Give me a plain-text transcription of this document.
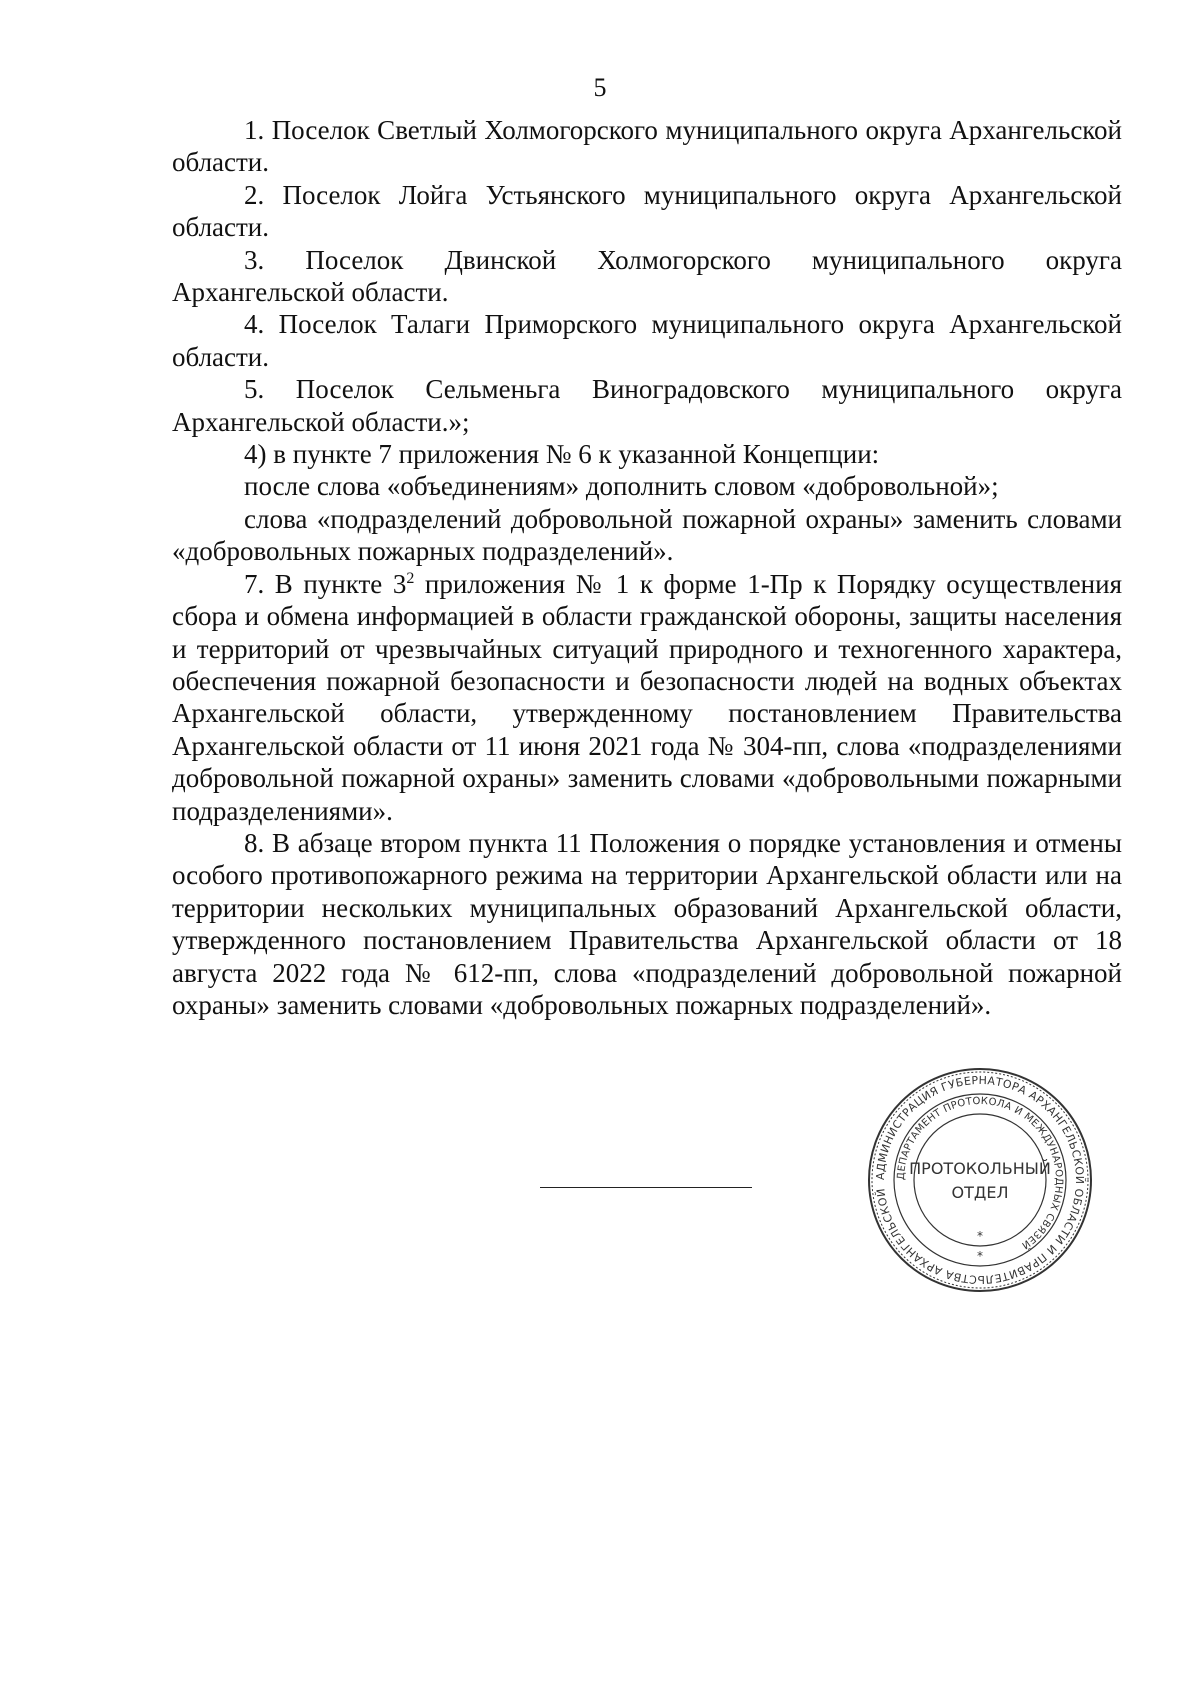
5

1. Поселок Светлый Холмогорского муниципального округа Архангельской области.

2. Поселок Лойга Устьянского муниципального округа Архангельской области.

3. Поселок Двинской Холмогорского муниципального округа Архангельской области.

4. Поселок Талаги Приморского муниципального округа Архангельской области.

5. Поселок Сельменьга Виноградовского муниципального округа Архангельской области.»;

4) в пункте 7 приложения № 6 к указанной Концепции:

после слова «объединениям» дополнить словом «добровольной»;

слова «подразделений добровольной пожарной охраны» заменить словами «добровольных пожарных подразделений».

7. В пункте $3^2$ приложения № 1 к форме 1-Пр к Порядку осуществления сбора и обмена информацией в области гражданской обороны, защиты населения и территорий от чрезвычайных ситуаций природного и техногенного характера, обеспечения пожарной безопасности и безопасности людей на водных объектах Архангельской области, утвержденному постановлением Правительства Архангельской области от 11 июня 2021 года № 304-пп, слова «подразделениями добровольной пожарной охраны» заменить словами «добровольными пожарными подразделениями».

8. В абзаце втором пункта 11 Положения о порядке установления и отмены особого противопожарного режима на территории Архангельской области или на территории нескольких муниципальных образований Архангельской области, утвержденного постановлением Правительства Архангельской области от 18 августа 2022 года № 612-пп, слова «подразделений добровольной пожарной охраны» заменить словами «добровольных пожарных подразделений».

АДМИНИСТРАЦИЯ ГУБЕРНАТОРА АРХАНГЕЛЬСКОЙ ОБЛАСТИ И ПРАВИТЕЛЬСТВА АРХАНГЕЛЬСКОЙ
ДЕПАРТАМЕНТ ПРОТОКОЛА И МЕЖДУНАРОДНЫХ СВЯЗЕЙ
ПРОТОКОЛЬНЫЙ
ОТДЕЛ
*
*
